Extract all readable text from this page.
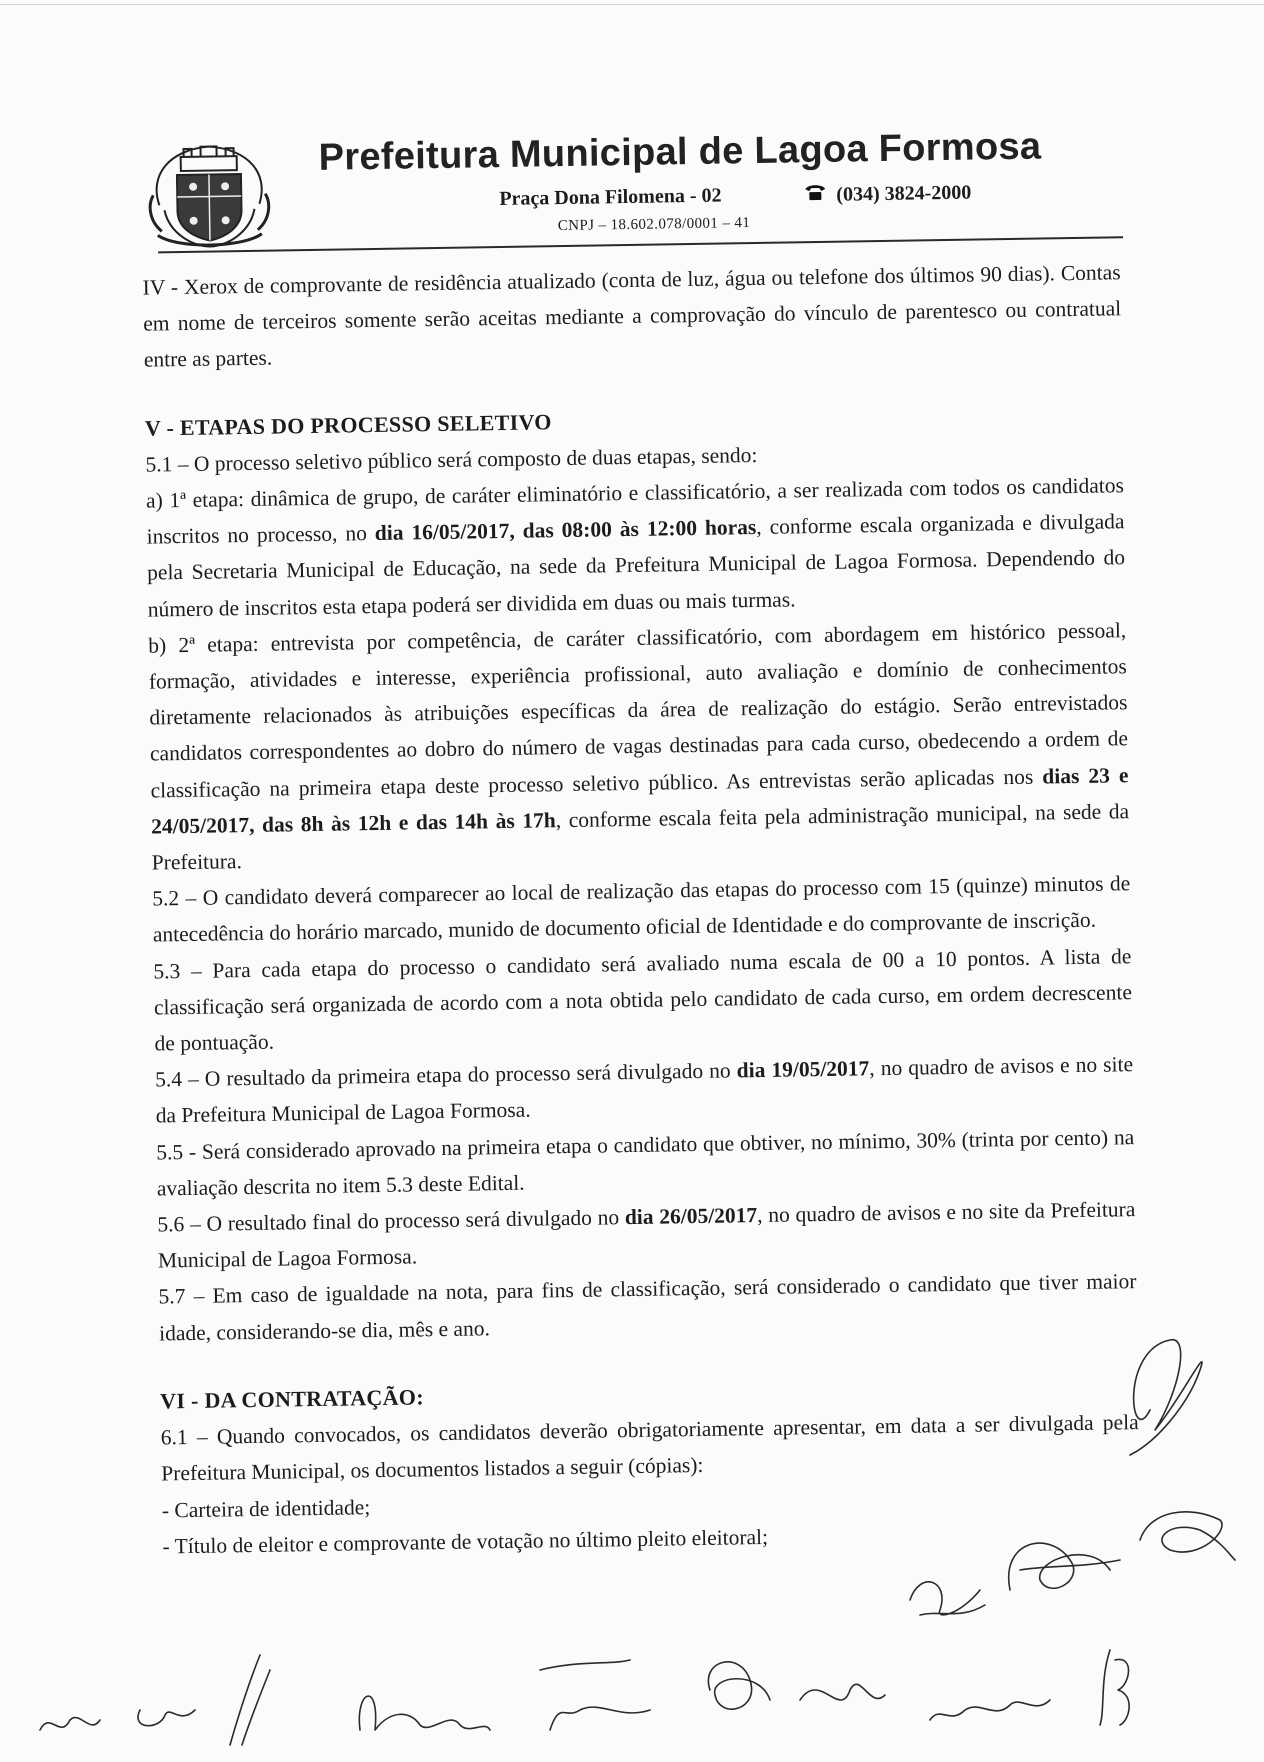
Prefeitura Municipal de Lagoa Formosa
Praça Dona Filomena - 02	(034) 3824-2000
CNPJ – 18.602.078/0001 – 41

IV - Xerox de comprovante de residência atualizado (conta de luz, água ou telefone dos últimos 90 dias). Contas em nome de terceiros somente serão aceitas mediante a comprovação do vínculo de parentesco ou contratual entre as partes.

V - ETAPAS DO PROCESSO SELETIVO

5.1 – O processo seletivo público será composto de duas etapas, sendo:

a) 1ª etapa: dinâmica de grupo, de caráter eliminatório e classificatório, a ser realizada com todos os candidatos inscritos no processo, no dia 16/05/2017, das 08:00 às 12:00 horas, conforme escala organizada e divulgada pela Secretaria Municipal de Educação, na sede da Prefeitura Municipal de Lagoa Formosa. Dependendo do número de inscritos esta etapa poderá ser dividida em duas ou mais turmas.

b) 2ª etapa: entrevista por competência, de caráter classificatório, com abordagem em histórico pessoal, formação, atividades e interesse, experiência profissional, auto avaliação e domínio de conhecimentos diretamente relacionados às atribuições específicas da área de realização do estágio. Serão entrevistados candidatos correspondentes ao dobro do número de vagas destinadas para cada curso, obedecendo a ordem de classificação na primeira etapa deste processo seletivo público. As entrevistas serão aplicadas nos dias 23 e 24/05/2017, das 8h às 12h e das 14h às 17h, conforme escala feita pela administração municipal, na sede da Prefeitura.

5.2 – O candidato deverá comparecer ao local de realização das etapas do processo com 15 (quinze) minutos de antecedência do horário marcado, munido de documento oficial de Identidade e do comprovante de inscrição.

5.3 – Para cada etapa do processo o candidato será avaliado numa escala de 00 a 10 pontos. A lista de classificação será organizada de acordo com a nota obtida pelo candidato de cada curso, em ordem decrescente de pontuação.

5.4 – O resultado da primeira etapa do processo será divulgado no dia 19/05/2017, no quadro de avisos e no site da Prefeitura Municipal de Lagoa Formosa.

5.5 - Será considerado aprovado na primeira etapa o candidato que obtiver, no mínimo, 30% (trinta por cento) na avaliação descrita no item 5.3 deste Edital.

5.6 – O resultado final do processo será divulgado no dia 26/05/2017, no quadro de avisos e no site da Prefeitura Municipal de Lagoa Formosa.

5.7 – Em caso de igualdade na nota, para fins de classificação, será considerado o candidato que tiver maior idade, considerando-se dia, mês e ano.

VI - DA CONTRATAÇÃO:

6.1 – Quando convocados, os candidatos deverão obrigatoriamente apresentar, em data a ser divulgada pela Prefeitura Municipal, os documentos listados a seguir (cópias):

- Carteira de identidade;

- Título de eleitor e comprovante de votação no último pleito eleitoral;
